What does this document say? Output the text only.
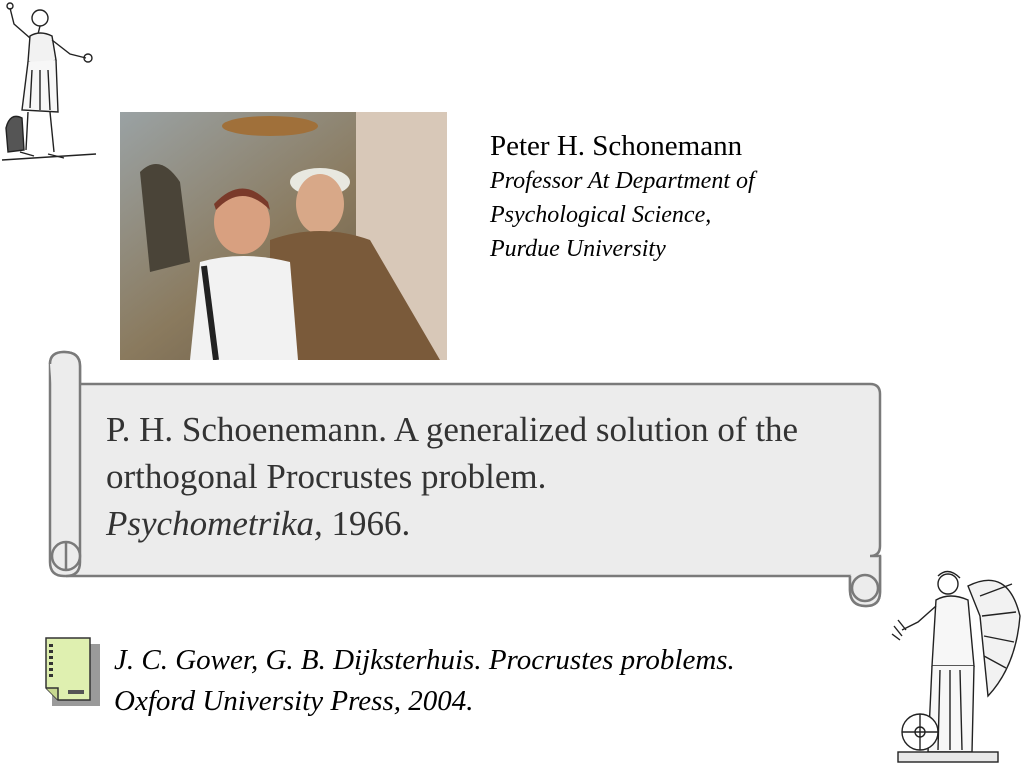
Peter H. Schonemann
Professor At Department of
Psychological Science,
Purdue University
P. H. Schoenemann. A generalized solution of the orthogonal Procrustes problem.
Psychometrika, 1966.
J. C. Gower, G. B. Dijksterhuis. Procrustes problems.
Oxford University Press, 2004.
